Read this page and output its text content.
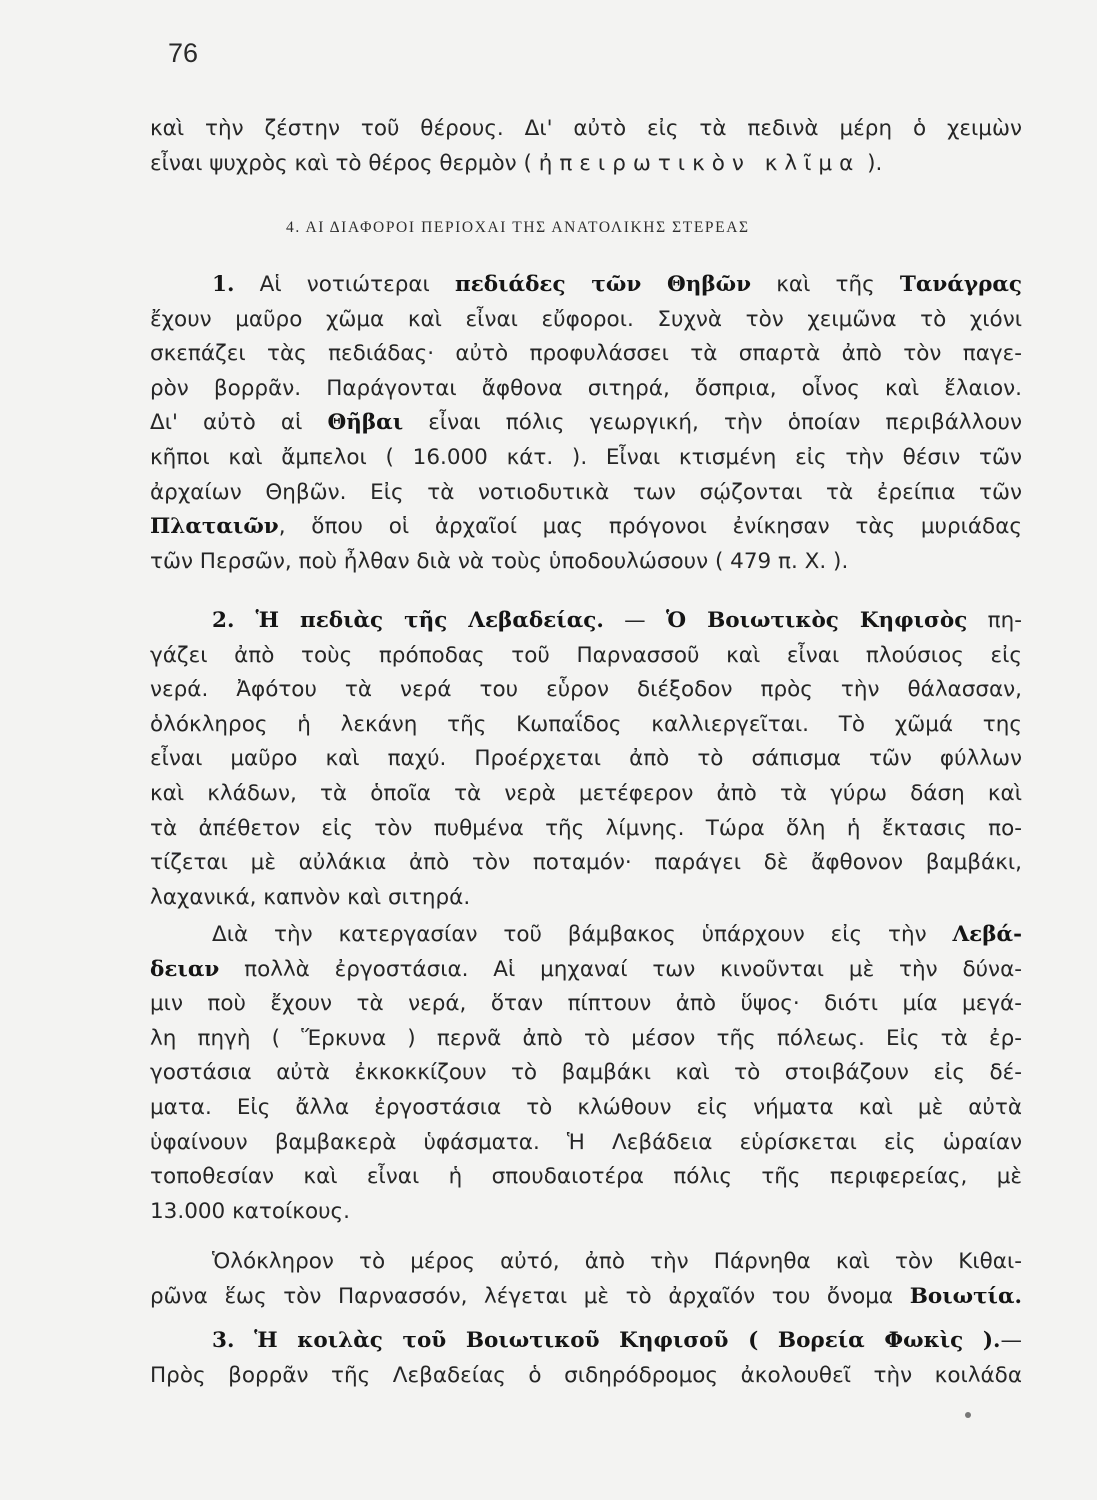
76
καὶ τὴν ζέστην τοῦ θέρους. Δι' αὐτὸ εἰς τὰ πεδινὰ μέρη ὁ χειμὼν
εἶναι ψυχρὸς καὶ τὸ θέρος θερμὸν ( ἠπειρωτικὸν κλῖμα ).
4. ΑΙ ΔΙΑΦΟΡΟΙ ΠΕΡΙΟΧΑΙ ΤΗΣ ΑΝΑΤΟΛΙΚΗΣ ΣΤΕΡΕΑΣ
1. Αἱ νοτιώτεραι πεδιάδες τῶν Θηβῶν καὶ τῆς Τανάγρας
ἔχουν μαῦρο χῶμα καὶ εἶναι εὔφοροι. Συχνὰ τὸν χειμῶνα τὸ χιόνι
σκεπάζει τὰς πεδιάδας· αὐτὸ προφυλάσσει τὰ σπαρτὰ ἀπὸ τὸν παγε-
ρὸν βορρᾶν. Παράγονται ἄφθονα σιτηρά, ὄσπρια, οἶνος καὶ ἔλαιον.
Δι' αὐτὸ αἱ Θῆβαι εἶναι πόλις γεωργική, τὴν ὁποίαν περιβάλλουν
κῆποι καὶ ἄμπελοι ( 16.000 κάτ. ). Εἶναι κτισμένη εἰς τὴν θέσιν τῶν
ἀρχαίων Θηβῶν. Εἰς τὰ νοτιοδυτικὰ των σῴζονται τὰ ἐρείπια τῶν
Πλαταιῶν, ὅπου οἱ ἀρχαῖοί μας πρόγονοι ἐνίκησαν τὰς μυριάδας
τῶν Περσῶν, ποὺ ἦλθαν διὰ νὰ τοὺς ὑποδουλώσουν ( 479 π. Χ. ).
2. Ἡ πεδιὰς τῆς Λεβαδείας. — Ὁ Βοιωτικὸς Κηφισὸς πη-
γάζει ἀπὸ τοὺς πρόποδας τοῦ Παρνασσοῦ καὶ εἶναι πλούσιος εἰς
νερά. Ἀφότου τὰ νερά του εὗρον διέξοδον πρὸς τὴν θάλασσαν,
ὁλόκληρος ἡ λεκάνη τῆς Κωπαΐδος καλλιεργεῖται. Τὸ χῶμά της
εἶναι μαῦρο καὶ παχύ. Προέρχεται ἀπὸ τὸ σάπισμα τῶν φύλλων
καὶ κλάδων, τὰ ὁποῖα τὰ νερὰ μετέφερον ἀπὸ τὰ γύρω δάση καὶ
τὰ ἀπέθετον εἰς τὸν πυθμένα τῆς λίμνης. Τώρα ὅλη ἡ ἔκτασις πο-
τίζεται μὲ αὐλάκια ἀπὸ τὸν ποταμόν· παράγει δὲ ἄφθονον βαμβάκι,
λαχανικά, καπνὸν καὶ σιτηρά.
Διὰ τὴν κατεργασίαν τοῦ βάμβακος ὑπάρχουν εἰς τὴν Λεβά-
δειαν πολλὰ ἐργοστάσια. Αἱ μηχαναί των κινοῦνται μὲ τὴν δύνα-
μιν ποὺ ἔχουν τὰ νερά, ὅταν πίπτουν ἀπὸ ὕψος· διότι μία μεγά-
λη πηγὴ ( Ἕρκυνα ) περνᾶ ἀπὸ τὸ μέσον τῆς πόλεως. Εἰς τὰ ἐρ-
γοστάσια αὐτὰ ἐκκοκκίζουν τὸ βαμβάκι καὶ τὸ στοιβάζουν εἰς δέ-
ματα. Εἰς ἄλλα ἐργοστάσια τὸ κλώθουν εἰς νήματα καὶ μὲ αὐτὰ
ὑφαίνουν βαμβακερὰ ὑφάσματα. Ἡ Λεβάδεια εὑρίσκεται εἰς ὡραίαν
τοποθεσίαν καὶ εἶναι ἡ σπουδαιοτέρα πόλις τῆς περιφερείας, μὲ
13.000 κατοίκους.
Ὁλόκληρον τὸ μέρος αὐτό, ἀπὸ τὴν Πάρνηθα καὶ τὸν Κιθαι-
ρῶνα ἕως τὸν Παρνασσόν, λέγεται μὲ τὸ ἀρχαῖόν του ὄνομα Βοιωτία.
3. Ἡ κοιλὰς τοῦ Βοιωτικοῦ Κηφισοῦ ( Βορεία Φωκὶς ).—
Πρὸς βορρᾶν τῆς Λεβαδείας ὁ σιδηρόδρομος ἀκολουθεῖ τὴν κοιλάδα
